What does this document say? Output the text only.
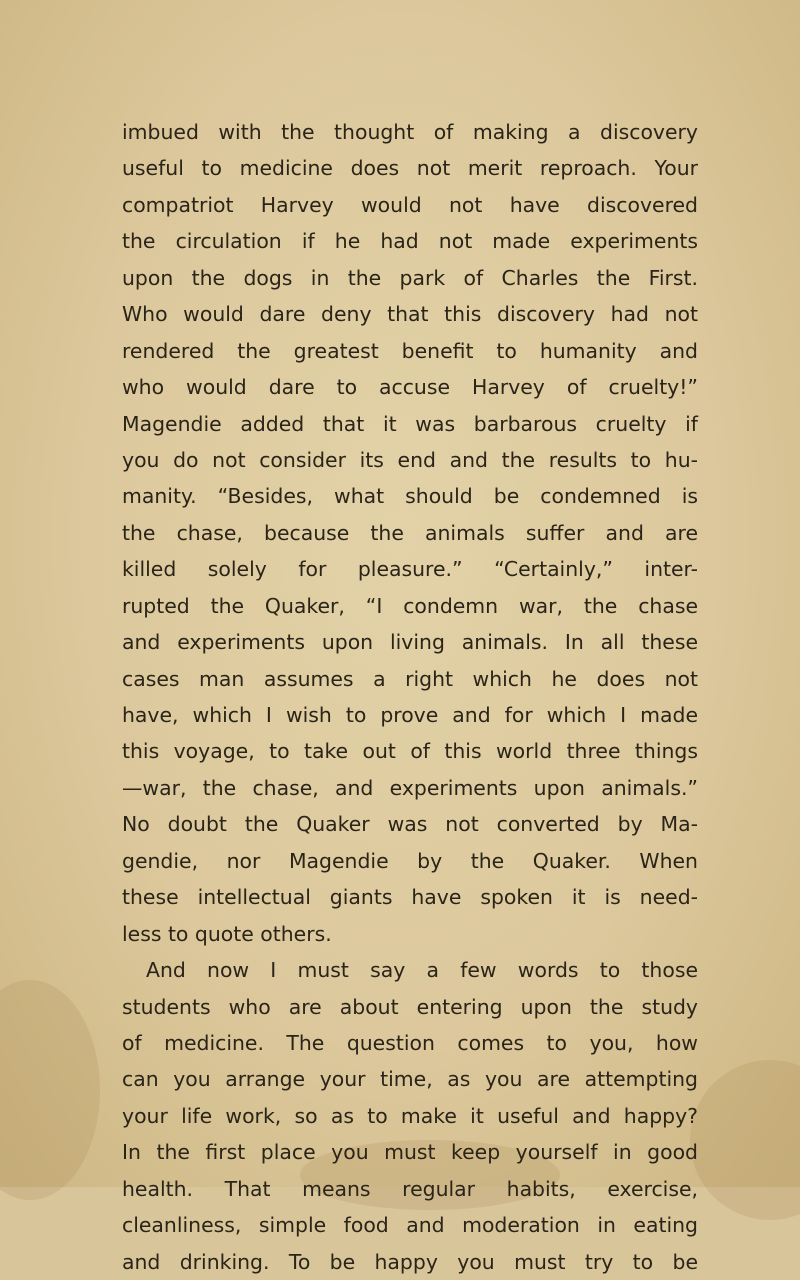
imbued with the thought of making a discovery
useful to medicine does not merit reproach. Your
compatriot Harvey would not have discovered
the circulation if he had not made experiments
upon the dogs in the park of Charles the First.
Who would dare deny that this discovery had not
rendered the greatest benefit to humanity and
who would dare to accuse Harvey of cruelty!”
Magendie added that it was barbarous cruelty if
you do not consider its end and the results to hu-
manity. “Besides, what should be condemned is
the chase, because the animals suffer and are
killed solely for pleasure.” “Certainly,” inter-
rupted the Quaker, “I condemn war, the chase
and experiments upon living animals. In all these
cases man assumes a right which he does not
have, which I wish to prove and for which I made
this voyage, to take out of this world three things
—war, the chase, and experiments upon animals.”
No doubt the Quaker was not converted by Ma-
gendie, nor Magendie by the Quaker. When
these intellectual giants have spoken it is need-
less to quote others.
And now I must say a few words to those
students who are about entering upon the study
of medicine. The question comes to you, how
can you arrange your time, as you are attempting
your life work, so as to make it useful and happy?
In the first place you must keep yourself in good
health. That means regular habits, exercise,
cleanliness, simple food and moderation in eating
and drinking. To be happy you must try to be
